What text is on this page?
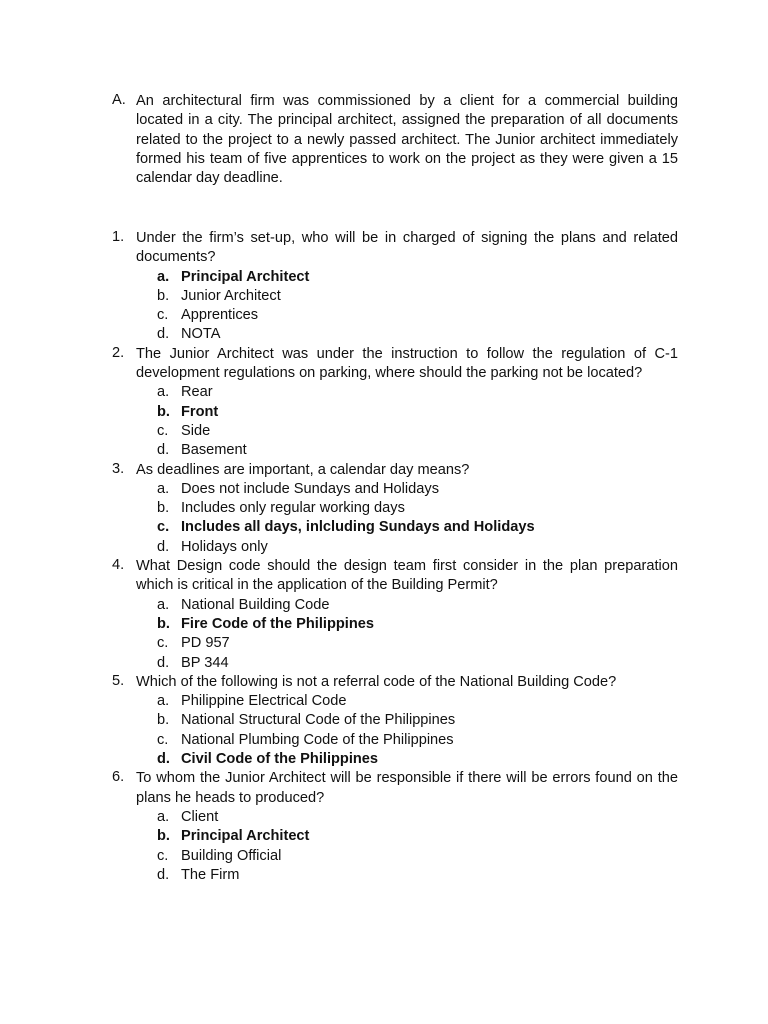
A. An architectural firm was commissioned by a client for a commercial building located in a city. The principal architect, assigned the preparation of all documents related to the project to a newly passed architect. The Junior architect immediately formed his team of five apprentices to work on the project as they were given a 15 calendar day deadline.
1. Under the firm’s set-up, who will be in charged of signing the plans and related documents?
a. Principal Architect
b. Junior Architect
c. Apprentices
d. NOTA
2. The Junior Architect was under the instruction to follow the regulation of C-1 development regulations on parking, where should the parking not be located?
a. Rear
b. Front
c. Side
d. Basement
3. As deadlines are important, a calendar day means?
a. Does not include Sundays and Holidays
b. Includes only regular working days
c. Includes all days, inlcluding Sundays and Holidays
d. Holidays only
4. What Design code should the design team first consider in the plan preparation which is critical in the application of the Building Permit?
a. National Building Code
b. Fire Code of the Philippines
c. PD 957
d. BP 344
5. Which of the following is not a referral code of the National Building Code?
a. Philippine Electrical Code
b. National Structural Code of the Philippines
c. National Plumbing Code of the Philippines
d. Civil Code of the Philippines
6. To whom the Junior Architect will be responsible if there will be errors found on the plans he heads to produced?
a. Client
b. Principal Architect
c. Building Official
d. The Firm
